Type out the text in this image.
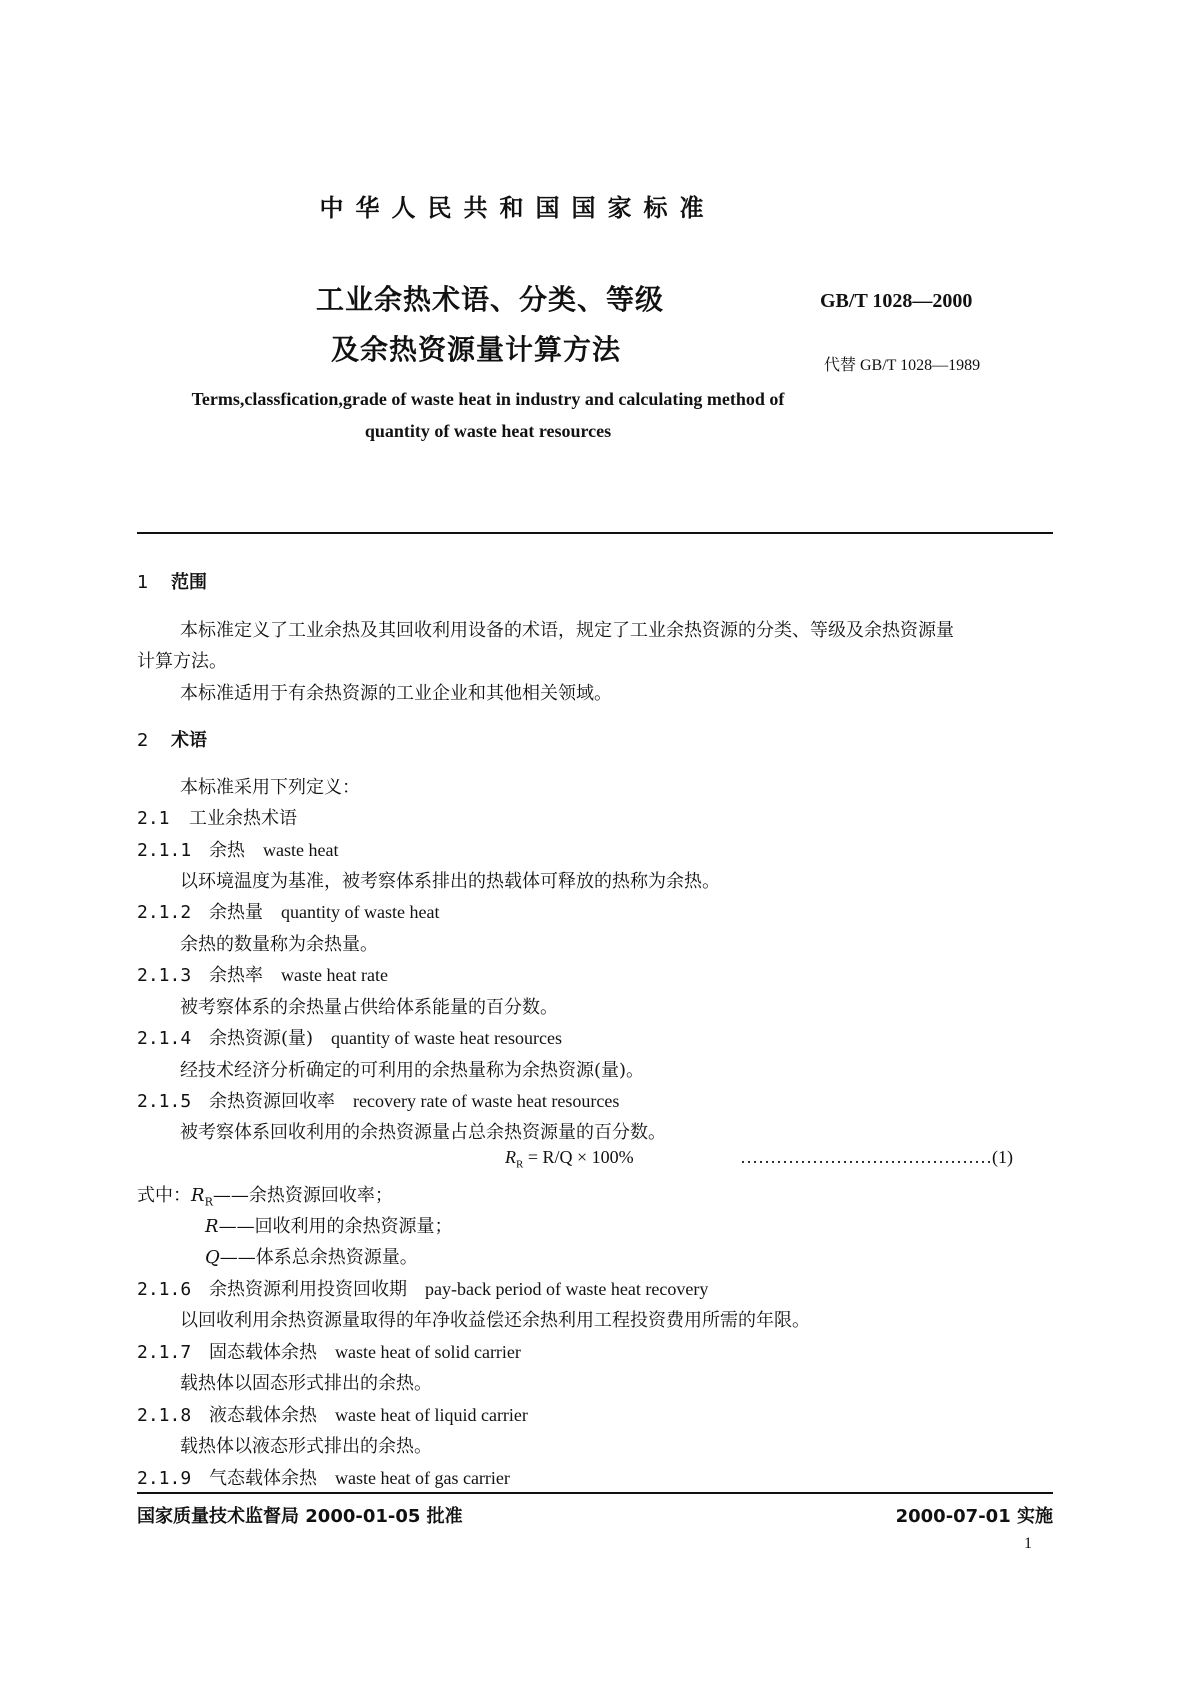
中华人民共和国国家标准
工业余热术语、分类、等级
及余热资源量计算方法
GB/T 1028—2000
代替 GB/T 1028—1989
Terms,classfication,grade of waste heat in industry and calculating method of quantity of waste heat resources
1 范围
本标准定义了工业余热及其回收利用设备的术语，规定了工业余热资源的分类、等级及余热资源量
计算方法。
本标准适用于有余热资源的工业企业和其他相关领域。
2 术语
本标准采用下列定义：
2.1 工业余热术语
2.1.1 余热 waste heat
以环境温度为基准，被考察体系排出的热载体可释放的热称为余热。
2.1.2 余热量 quantity of waste heat
余热的数量称为余热量。
2.1.3 余热率 waste heat rate
被考察体系的余热量占供给体系能量的百分数。
2.1.4 余热资源(量) quantity of waste heat resources
经技术经济分析确定的可利用的余热量称为余热资源(量)。
2.1.5 余热资源回收率 recovery rate of waste heat resources
被考察体系回收利用的余热资源量占总余热资源量的百分数。
$R_R = R/Q \times 100\%$	……………………………………(1)
式中：$R_R——$余热资源回收率；
R——回收利用的余热资源量；
Q——体系总余热资源量。
2.1.6 余热资源利用投资回收期 pay-back period of waste heat recovery
以回收利用余热资源量取得的年净收益偿还余热利用工程投资费用所需的年限。
2.1.7 固态载体余热 waste heat of solid carrier
载热体以固态形式排出的余热。
2.1.8 液态载体余热 waste heat of liquid carrier
载热体以液态形式排出的余热。
2.1.9 气态载体余热 waste heat of gas carrier
国家质量技术监督局 2000-01-05 批准	2000-07-01 实施
1
